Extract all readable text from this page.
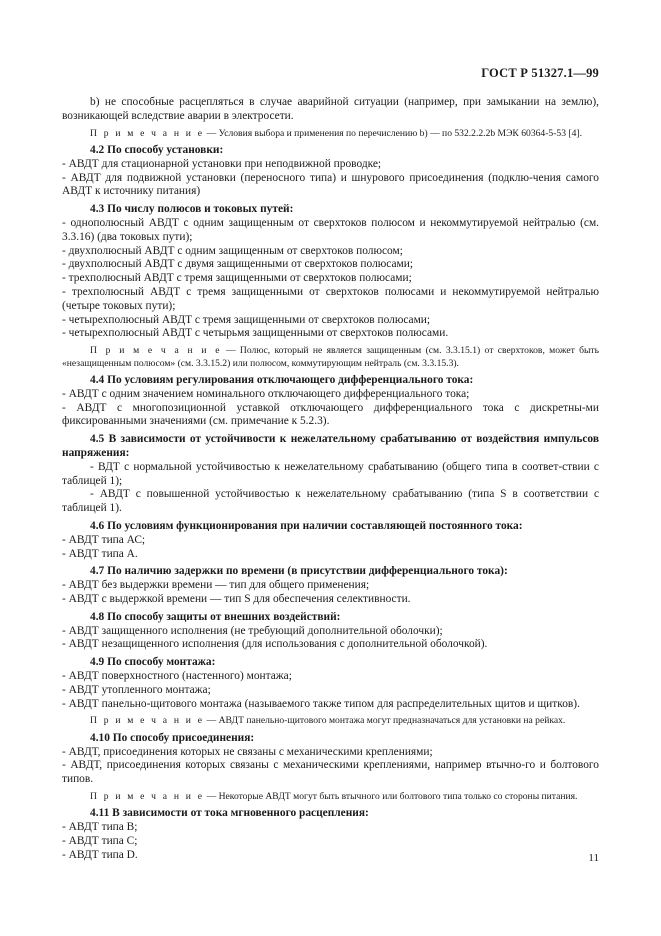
ГОСТ Р 51327.1—99

b) не способные расцепляться в случае аварийной ситуации (например, при замыкании на землю), возникающей вследствие аварии в электросети.

П р и м е ч а н и е — Условия выбора и применения по перечислению b) — по 532.2.2.2b МЭК 60364-5-53 [4].

4.2 По способу установки:

- АВДТ для стационарной установки при неподвижной проводке;

- АВДТ для подвижной установки (переносного типа) и шнурового присоединения (подклю-чения самого АВДТ к источнику питания)

4.3 По числу полюсов и токовых путей:

- однополюсный АВДТ с одним защищенным от сверхтоков полюсом и некоммутируемой нейтралью (см. 3.3.16) (два токовых пути);

- двухполюсный АВДТ с одним защищенным от сверхтоков полюсом;

- двухполюсный АВДТ с двумя защищенными от сверхтоков полюсами;

- трехполюсный АВДТ с тремя защищенными от сверхтоков полюсами;

- трехполюсный АВДТ с тремя защищенными от сверхтоков полюсами и некоммутируемой нейтралью (четыре токовых пути);

- четырехполюсный АВДТ с тремя защищенными от сверхтоков полюсами;

- четырехполюсный АВДТ с четырьмя защищенными от сверхтоков полюсами.

П р и м е ч а н и е — Полюс, который не является защищенным (см. 3.3.15.1) от сверхтоков, может быть «незащищенным полюсом» (см. 3.3.15.2) или полюсом, коммутирующим нейтраль (см. 3.3.15.3).

4.4 По условиям регулирования отключающего дифференциального тока:

- АВДТ с одним значением номинального отключающего дифференциального тока;

- АВДТ с многопозиционной уставкой отключающего дифференциального тока с дискретны-ми фиксированными значениями (см. примечание к 5.2.3).

4.5 В зависимости от устойчивости к нежелательному срабатыванию от воздействия импульсов напряжения:

- ВДТ с нормальной устойчивостью к нежелательному срабатыванию (общего типа в соответ-ствии с таблицей 1);

- АВДТ с повышенной устойчивостью к нежелательному срабатыванию (типа S в соответствии с таблицей 1).

4.6 По условиям функционирования при наличии составляющей постоянного тока:

- АВДТ типа АС;

- АВДТ типа А.

4.7 По наличию задержки по времени (в присутствии дифференциального тока):

- АВДТ без выдержки времени — тип для общего применения;

- АВДТ с выдержкой времени — тип S для обеспечения селективности.

4.8 По способу защиты от внешних воздействий:

- АВДТ защищенного исполнения (не требующий дополнительной оболочки);

- АВДТ незащищенного исполнения (для использования с дополнительной оболочкой).

4.9 По способу монтажа:

- АВДТ поверхностного (настенного) монтажа;

- АВДТ утопленного монтажа;

- АВДТ панельно-щитового монтажа (называемого также типом для распределительных щитов и щитков).

П р и м е ч а н и е — АВДТ панельно-щитового монтажа могут предназначаться для установки на рейках.

4.10 По способу присоединения:

- АВДТ, присоединения которых не связаны с механическими креплениями;

- АВДТ, присоединения которых связаны с механическими креплениями, например втычно-го и болтового типов.

П р и м е ч а н и е — Некоторые АВДТ могут быть втычного или болтового типа только со стороны питания.

4.11 В зависимости от тока мгновенного расцепления:

- АВДТ типа В;

- АВДТ типа С;

- АВДТ типа D.	11
